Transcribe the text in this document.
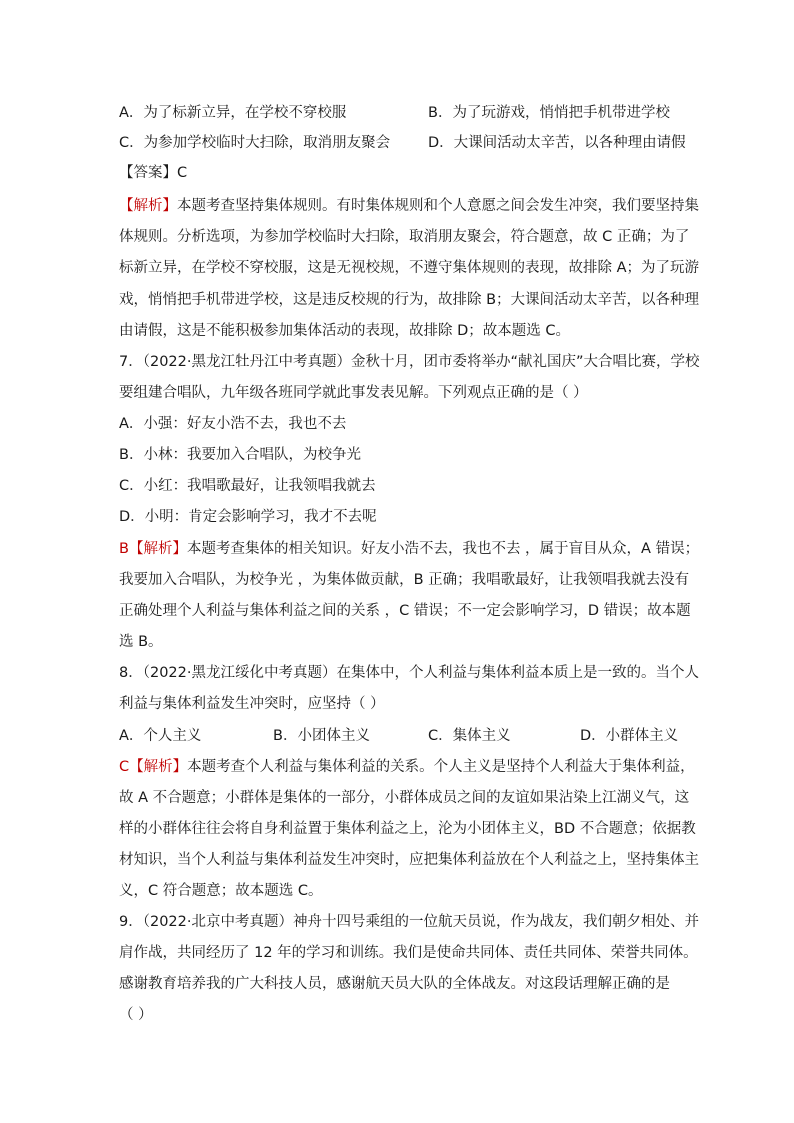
A．为了标新立异，在学校不穿校服	B．为了玩游戏，悄悄把手机带进学校
C．为参加学校临时大扫除，取消朋友聚会	D．大课间活动太辛苦，以各种理由请假
【答案】C
【解析】本题考查坚持集体规则。有时集体规则和个人意愿之间会发生冲突，我们要坚持集
体规则。分析选项，为参加学校临时大扫除，取消朋友聚会，符合题意，故 C 正确；为了
标新立异，在学校不穿校服，这是无视校规，不遵守集体规则的表现，故排除 A；为了玩游
戏，悄悄把手机带进学校，这是违反校规的行为，故排除 B；大课间活动太辛苦，以各种理
由请假，这是不能积极参加集体活动的表现，故排除 D；故本题选 C。
7．（2022·黑龙江牡丹江中考真题）金秋十月，团市委将举办“献礼国庆”大合唱比赛，学校
要组建合唱队，九年级各班同学就此事发表见解。下列观点正确的是（ ）
A．小强：好友小浩不去，我也不去
B．小林：我要加入合唱队，为校争光
C．小红：我唱歌最好，让我领唱我就去
D．小明：肯定会影响学习，我才不去呢
B【解析】本题考查集体的相关知识。好友小浩不去，我也不去 ，属于盲目从众，A 错误；
我要加入合唱队，为校争光 ，为集体做贡献，B 正确；我唱歌最好，让我领唱我就去没有
正确处理个人利益与集体利益之间的关系 ，C 错误；不一定会影响学习，D 错误；故本题
选 B。
8．（2022·黑龙江绥化中考真题）在集体中，个人利益与集体利益本质上是一致的。当个人
利益与集体利益发生冲突时，应坚持（ ）
A．个人主义	B．小团体主义	C．集体主义	D．小群体主义
C【解析】本题考查个人利益与集体利益的关系。个人主义是坚持个人利益大于集体利益，
故 A 不合题意；小群体是集体的一部分，小群体成员之间的友谊如果沾染上江湖义气，这
样的小群体往往会将自身利益置于集体利益之上，沦为小团体主义，BD 不合题意；依据教
材知识，当个人利益与集体利益发生冲突时，应把集体利益放在个人利益之上，坚持集体主
义，C 符合题意；故本题选 C。
9．（2022·北京中考真题）神舟十四号乘组的一位航天员说，作为战友，我们朝夕相处、并
肩作战，共同经历了 12 年的学习和训练。我们是使命共同体、责任共同体、荣誉共同体。
感谢教育培养我的广大科技人员，感谢航天员大队的全体战友。对这段话理解正确的是
（ ）
